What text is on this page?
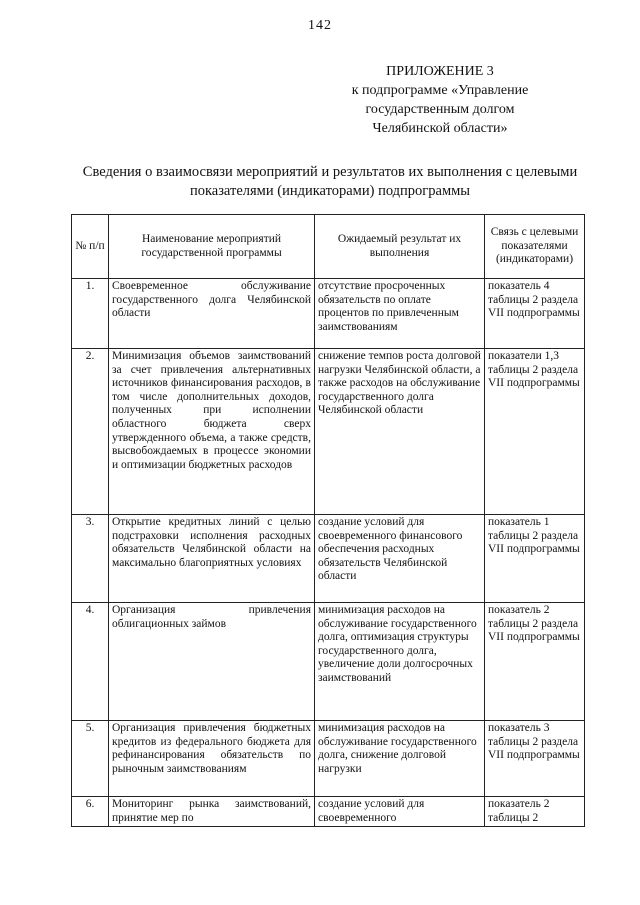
142
ПРИЛОЖЕНИЕ 3
к подпрограмме «Управление
государственным долгом
Челябинской области»
Сведения о взаимосвязи мероприятий и результатов их выполнения с целевыми
показателями (индикаторами) подпрограммы
№ п/п	Наименование мероприятий государственной программы	Ожидаемый результат их выполнения	Связь с целевыми показателями (индикаторами)
1.	Своевременное обслуживание государственного долга Челябинской области	отсутствие просроченных обязательств по оплате процентов по привлеченным заимствованиям	показатель 4 таблицы 2 раздела VII подпрограммы
2.	Минимизация объемов заимствований за счет привлечения альтернативных источников финансирования расходов, в том числе дополнительных доходов, полученных при исполнении областного бюджета сверх утвержденного объема, а также средств, высвобождаемых в процессе экономии и оптимизации бюджетных расходов	снижение темпов роста долговой нагрузки Челябинской области, а также расходов на обслуживание государственного долга Челябинской области	показатели 1,3 таблицы 2 раздела VII подпрограммы
3.	Открытие кредитных линий с целью подстраховки исполнения расходных обязательств Челябинской области на максимально благоприятных условиях	создание условий для своевременного финансового обеспечения расходных обязательств Челябинской области	показатель 1 таблицы 2 раздела VII подпрограммы
4.	Организация привлечения облигационных займов	минимизация расходов на обслуживание государственного долга, оптимизация структуры государственного долга, увеличение доли долгосрочных заимствований	показатель 2 таблицы 2 раздела VII подпрограммы
5.	Организация привлечения бюджетных кредитов из федерального бюджета для рефинансирования обязательств по рыночным заимствованиям	минимизация расходов на обслуживание государственного долга, снижение долговой нагрузки	показатель 3 таблицы 2 раздела VII подпрограммы
6.	Мониторинг рынка заимствований, принятие мер по	создание условий для своевременного	показатель 2 таблицы 2
